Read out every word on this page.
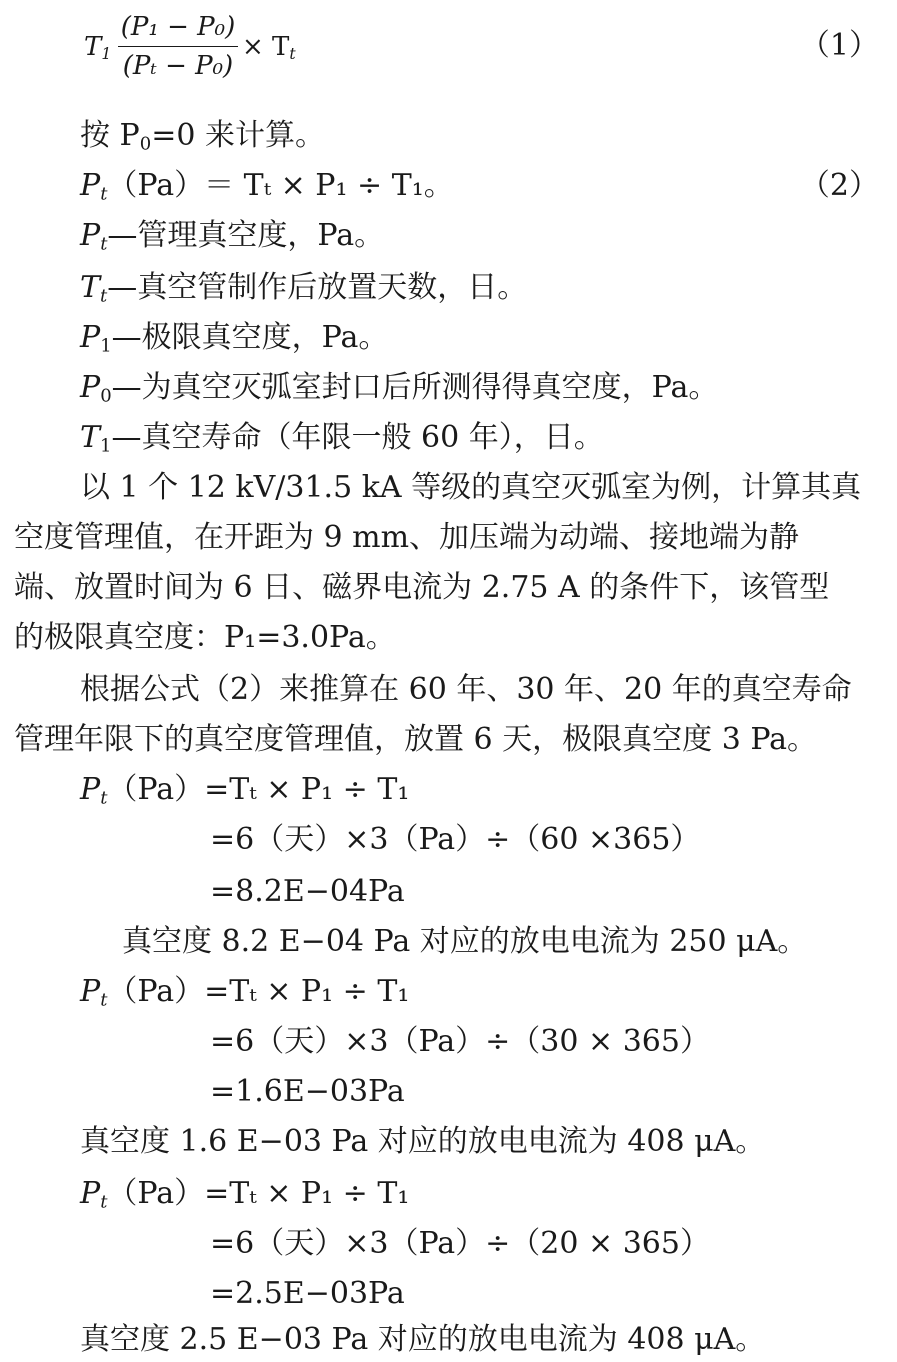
$T_1$
(P₁ − P₀)
(Pₜ − P₀)
× $T_t$	（1）
按 $P_0=0$ 来计算。
$P_t(Pa)= T_t \times P_1 \div T_1$。	（2）
$P_t—$管理真空度，Pa。
$T_t—$真空管制作后放置天数，日。
$P_1—$极限真空度，Pa。
$P_0—$为真空灭弧室封口后所测得得真空度，Pa。
$T_1—$真空寿命（年限一般 60 年），日。
以 1 个 12 kV/31.5 kA 等级的真空灭弧室为例，计算其真
空度管理值，在开距为 9 mm、加压端为动端、接地端为静
端、放置时间为 6 日、磁界电流为 2.75 A 的条件下，该管型
的极限真空度：P₁=3.0Pa。
根据公式（2）来推算在 60 年、30 年、20 年的真空寿命
管理年限下的真空度管理值，放置 6 天，极限真空度 3 Pa。
$P_t(Pa)=T_t \times P_1 \div T_1$
=6（天）×3（Pa）÷（60 ×365）
=8.2E−04Pa
真空度 8.2 E−04 Pa 对应的放电电流为 250 μA。
$P_t(Pa)=T_t \times P_1 \div T_1$
=6（天）×3（Pa）÷（30 × 365）
=1.6E−03Pa
真空度 1.6 E−03 Pa 对应的放电电流为 408 μA。
$P_t(Pa)=T_t \times P_1 \div T_1$
=6（天）×3（Pa）÷（20 × 365）
=2.5E−03Pa
真空度 2.5 E−03 Pa 对应的放电电流为 408 μA。
